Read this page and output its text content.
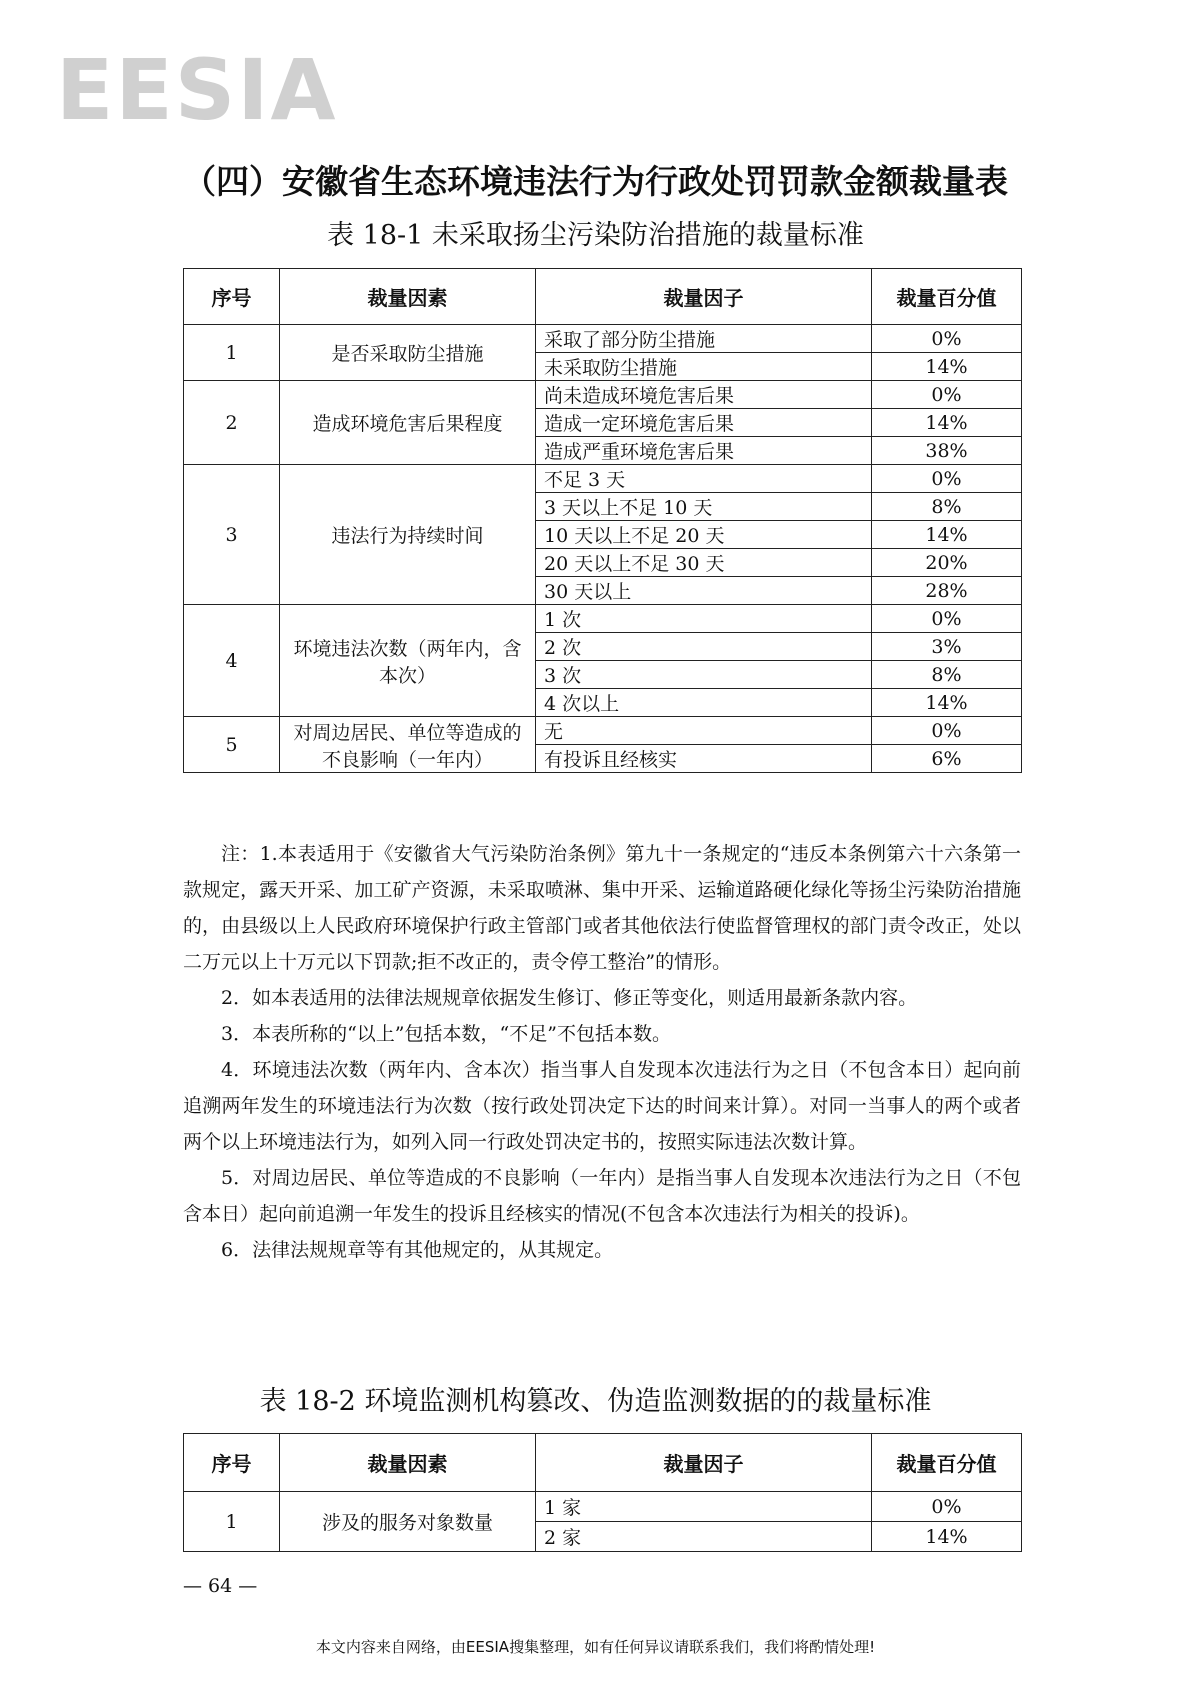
EESIA
（四）安徽省生态环境违法行为行政处罚罚款金额裁量表
表 18-1 未采取扬尘污染防治措施的裁量标准
序号	裁量因素	裁量因子	裁量百分值
1	是否采取防尘措施	采取了部分防尘措施	0%
		未采取防尘措施	14%
2	造成环境危害后果程度	尚未造成环境危害后果	0%
		造成一定环境危害后果	14%
		造成严重环境危害后果	38%
3	违法行为持续时间	不足 3 天	0%
		3 天以上不足 10 天	8%
		10 天以上不足 20 天	14%
		20 天以上不足 30 天	20%
		30 天以上	28%
4	环境违法次数（两年内，含本次）	1 次	0%
		2 次	3%
		3 次	8%
		4 次以上	14%
5	对周边居民、单位等造成的不良影响（一年内）	无	0%
		有投诉且经核实	6%

注：1.本表适用于《安徽省大气污染防治条例》第九十一条规定的“违反本条例第六十六条第一款规定，露天开采、加工矿产资源，未采取喷淋、集中开采、运输道路硬化绿化等扬尘污染防治措施的，由县级以上人民政府环境保护行政主管部门或者其他依法行使监督管理权的部门责令改正，处以二万元以上十万元以下罚款;拒不改正的，责令停工整治”的情形。

2．如本表适用的法律法规规章依据发生修订、修正等变化，则适用最新条款内容。

3．本表所称的“以上”包括本数，“不足”不包括本数。

4．环境违法次数（两年内、含本次）指当事人自发现本次违法行为之日（不包含本日）起向前追溯两年发生的环境违法行为次数（按行政处罚决定下达的时间来计算）。对同一当事人的两个或者两个以上环境违法行为，如列入同一行政处罚决定书的，按照实际违法次数计算。

5．对周边居民、单位等造成的不良影响（一年内）是指当事人自发现本次违法行为之日（不包含本日）起向前追溯一年发生的投诉且经核实的情况(不包含本次违法行为相关的投诉)。

6．法律法规规章等有其他规定的，从其规定。

表 18-2 环境监测机构篡改、伪造监测数据的的裁量标准
序号	裁量因素	裁量因子	裁量百分值
1	涉及的服务对象数量	1 家	0%
		2 家	14%
— 64 —
本文内容来自网络，由EESIA搜集整理，如有任何异议请联系我们，我们将酌情处理!
